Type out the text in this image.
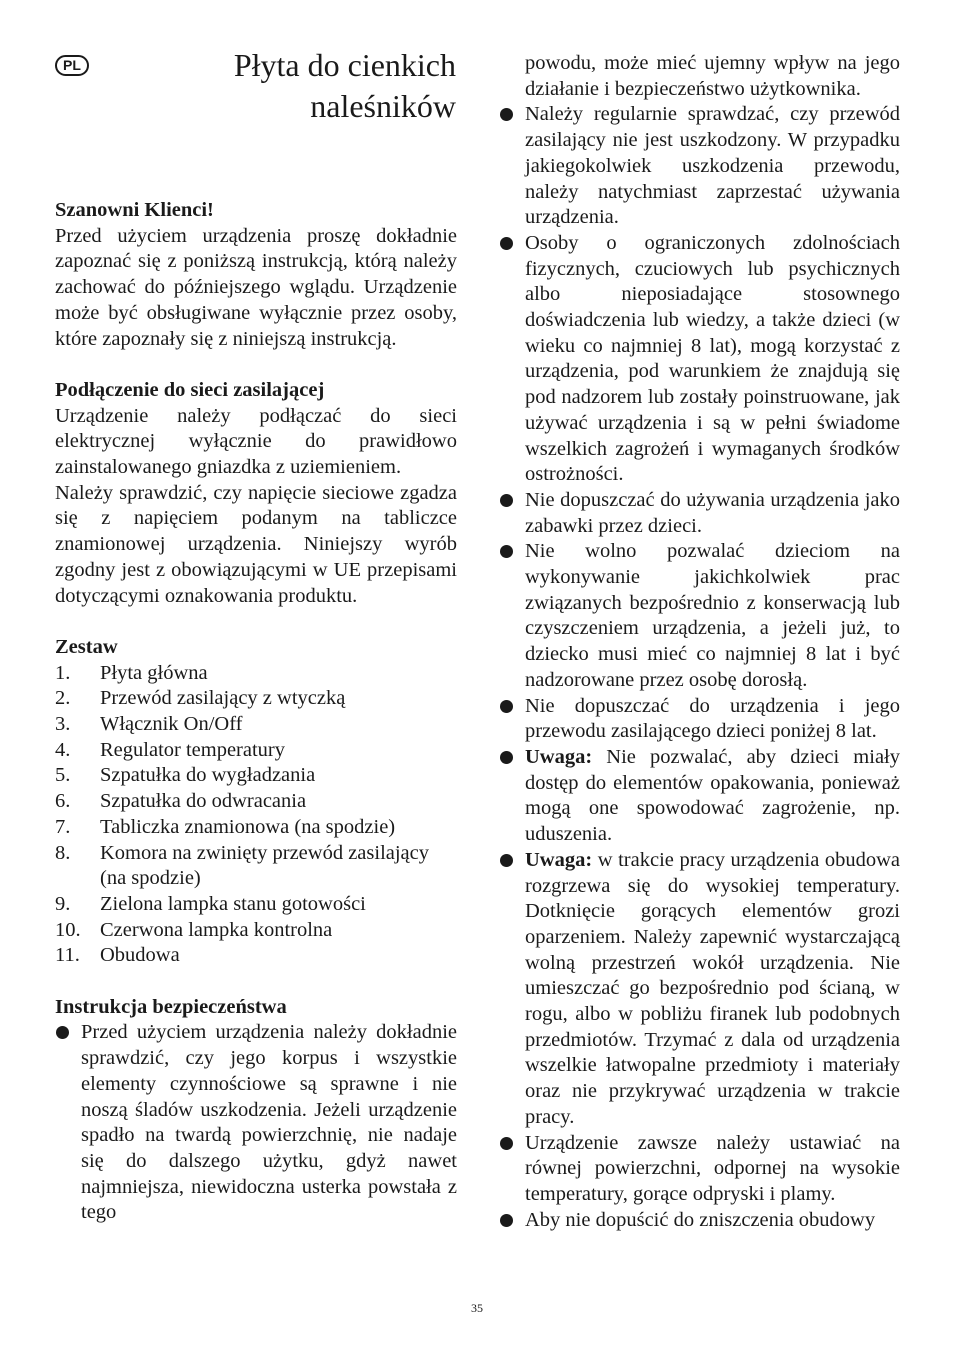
PL	Płyta do cienkich
naleśników
Szanowni Klienci!
Przed użyciem urządzenia proszę dokładnie zapoznać się z poniższą instrukcją, którą należy zachować do późniejszego wglądu. Urządzenie może być obsługiwane wyłącznie przez osoby, które zapoznały się z niniejszą instrukcją.
Podłączenie do sieci zasilającej
Urządzenie należy podłączać do sieci elektrycznej wyłącznie do prawidłowo zainstalowanego gniazdka z uziemieniem.
Należy sprawdzić, czy napięcie sieciowe zgadza się z napięciem podanym na tabliczce znamionowej urządzenia. Niniejszy wyrób zgodny jest z obowiązującymi w UE przepisami dotyczącymi oznakowania produktu.
Zestaw
1.	Płyta główna
2.	Przewód zasilający z wtyczką
3.	Włącznik On/Off
4.	Regulator temperatury
5.	Szpatułka do wygładzania
6.	Szpatułka do odwracania
7.	Tabliczka znamionowa (na spodzie)
8.	Komora na zwinięty przewód zasilający (na spodzie)
9.	Zielona lampka stanu gotowości
10. Czerwona lampka kontrolna
11. Obudowa
Instrukcja bezpieczeństwa
Przed użyciem urządzenia należy dokładnie sprawdzić, czy jego korpus i wszystkie elementy czynnościowe są sprawne i nie noszą śladów uszkodzenia. Jeżeli urządzenie spadło na twardą powierzchnię, nie nadaje się do dalszego użytku, gdyż nawet najmniejsza, niewidoczna usterka powstała z tego
powodu, może mieć ujemny wpływ na jego działanie i bezpieczeństwo użytkownika.
Należy regularnie sprawdzać, czy przewód zasilający nie jest uszkodzony. W przypadku jakiegokolwiek uszkodzenia przewodu, należy natychmiast zaprzestać używania urządzenia.
Osoby o ograniczonych zdolnościach fizycznych, czuciowych lub psychicznych albo nieposiadające stosownego doświadczenia lub wiedzy, a także dzieci (w wieku co najmniej 8 lat), mogą korzystać z urządzenia, pod warunkiem że znajdują się pod nadzorem lub zostały poinstruowane, jak używać urządzenia i są w pełni świadome wszelkich zagrożeń i wymaganych środków ostrożności.
Nie dopuszczać do używania urządzenia jako zabawki przez dzieci.
Nie wolno pozwalać dzieciom na wykonywanie jakichkolwiek prac związanych bezpośrednio z konserwacją lub czyszczeniem urządzenia, a jeżeli już, to dziecko musi mieć co najmniej 8 lat i być nadzorowane przez osobę dorosłą.
Nie dopuszczać do urządzenia i jego przewodu zasilającego dzieci poniżej 8 lat.
Uwaga: Nie pozwalać, aby dzieci miały dostęp do elementów opakowania, ponieważ mogą one spowodować zagrożenie, np. uduszenia.
Uwaga: w trakcie pracy urządzenia obudowa rozgrzewa się do wysokiej temperatury. Dotknięcie gorących elementów grozi oparzeniem. Należy zapewnić wystarczającą wolną przestrzeń wokół urządzenia. Nie umieszczać go bezpośrednio pod ścianą, w rogu, albo w pobliżu firanek lub podobnych przedmiotów. Trzymać z dala od urządzenia wszelkie łatwopalne przedmioty i materiały oraz nie przykrywać urządzenia w trakcie pracy.
Urządzenie zawsze należy ustawiać na równej powierzchni, odpornej na wysokie temperatury, gorące odpryski i plamy.
Aby nie dopuścić do zniszczenia obudowy
35
